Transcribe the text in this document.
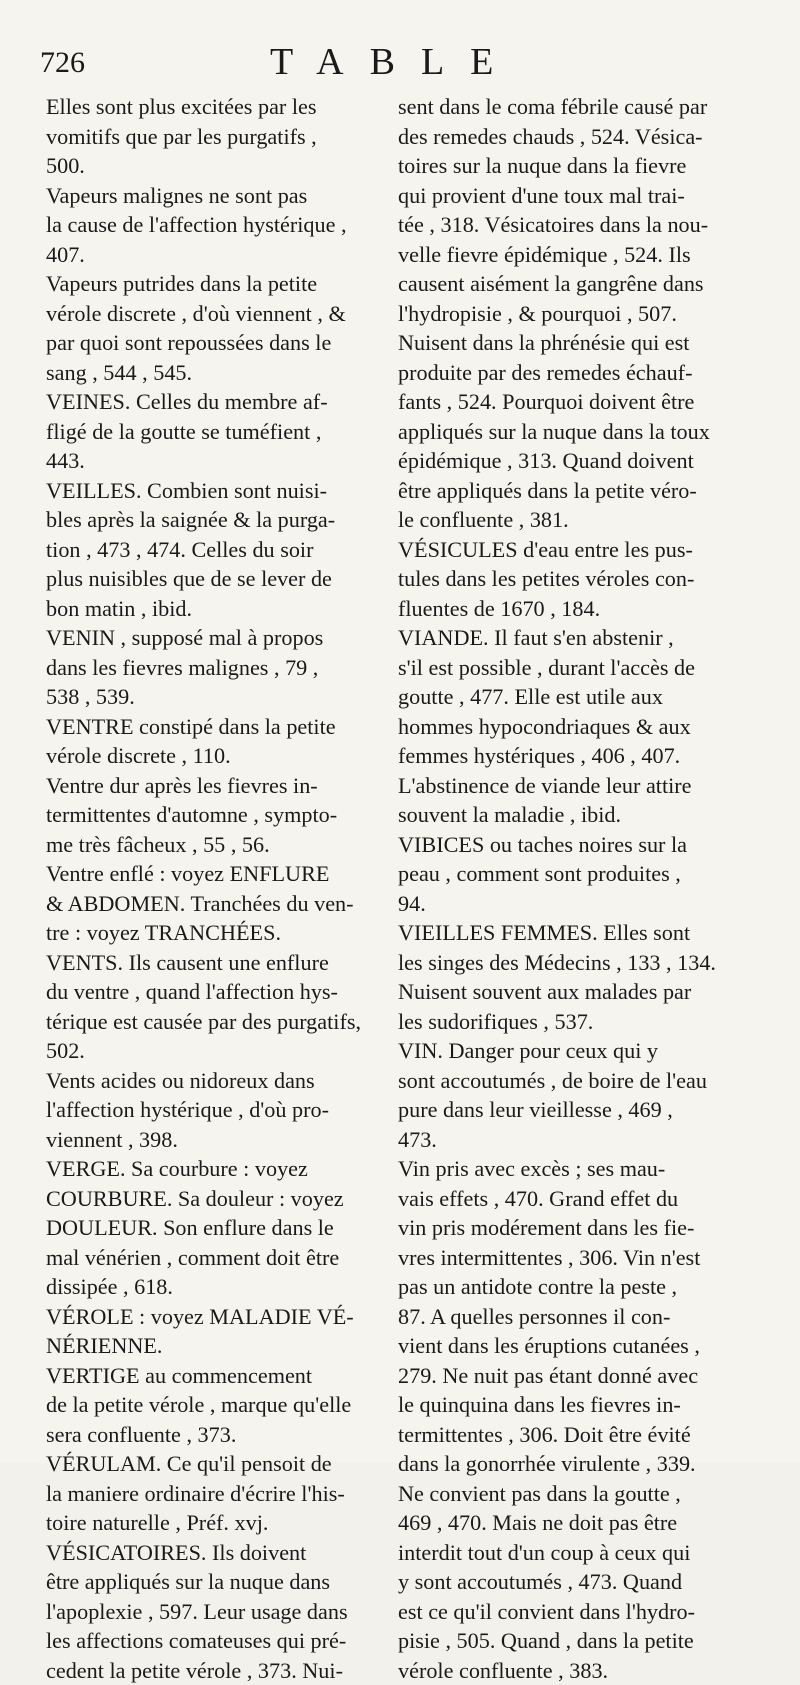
726	TABLE
Elles sont plus excitées par les
vomitifs que par les purgatifs ,
500.
Vapeurs malignes ne sont pas
la cause de l'affection hystérique ,
407.
Vapeurs putrides dans la petite
vérole discrete , d'où viennent , &
par quoi sont repoussées dans le
sang , 544 , 545.
VEINES. Celles du membre af-
fligé de la goutte se tuméfient ,
443.
VEILLES. Combien sont nuisi-
bles après la saignée & la purga-
tion , 473 , 474. Celles du soir
plus nuisibles que de se lever de
bon matin , ibid.
VENIN , supposé mal à propos
dans les fievres malignes , 79 ,
538 , 539.
VENTRE constipé dans la petite
vérole discrete , 110.
Ventre dur après les fievres in-
termittentes d'automne , sympto-
me très fâcheux , 55 , 56.
Ventre enflé : voyez ENFLURE
& ABDOMEN. Tranchées du ven-
tre : voyez TRANCHÉES.
VENTS. Ils causent une enflure
du ventre , quand l'affection hys-
térique est causée par des purgatifs,
502.
Vents acides ou nidoreux dans
l'affection hystérique , d'où pro-
viennent , 398.
VERGE. Sa courbure : voyez
COURBURE. Sa douleur : voyez
DOULEUR. Son enflure dans le
mal vénérien , comment doit être
dissipée , 618.
VÉROLE : voyez MALADIE VÉ-
NÉRIENNE.
VERTIGE au commencement
de la petite vérole , marque qu'elle
sera confluente , 373.
VÉRULAM. Ce qu'il pensoit de
la maniere ordinaire d'écrire l'his-
toire naturelle , Préf. xvj.
VÉSICATOIRES. Ils doivent
être appliqués sur la nuque dans
l'apoplexie , 597. Leur usage dans
les affections comateuses qui pré-
cedent la petite vérole , 373. Nui-
sent dans le coma fébrile causé par
des remedes chauds , 524. Vésica-
toires sur la nuque dans la fievre
qui provient d'une toux mal trai-
tée , 318. Vésicatoires dans la nou-
velle fievre épidémique , 524. Ils
causent aisément la gangrêne dans
l'hydropisie , & pourquoi , 507.
Nuisent dans la phrénésie qui est
produite par des remedes échauf-
fants , 524. Pourquoi doivent être
appliqués sur la nuque dans la toux
épidémique , 313. Quand doivent
être appliqués dans la petite véro-
le confluente , 381.
VÉSICULES d'eau entre les pus-
tules dans les petites véroles con-
fluentes de 1670 , 184.
VIANDE. Il faut s'en abstenir ,
s'il est possible , durant l'accès de
goutte , 477. Elle est utile aux
hommes hypocondriaques & aux
femmes hystériques , 406 , 407.
L'abstinence de viande leur attire
souvent la maladie , ibid.
VIBICES ou taches noires sur la
peau , comment sont produites ,
94.
VIEILLES FEMMES. Elles sont
les singes des Médecins , 133 , 134.
Nuisent souvent aux malades par
les sudorifiques , 537.
VIN. Danger pour ceux qui y
sont accoutumés , de boire de l'eau
pure dans leur vieillesse , 469 ,
473.
Vin pris avec excès ; ses mau-
vais effets , 470. Grand effet du
vin pris modérement dans les fie-
vres intermittentes , 306. Vin n'est
pas un antidote contre la peste ,
87. A quelles personnes il con-
vient dans les éruptions cutanées ,
279. Ne nuit pas étant donné avec
le quinquina dans les fievres in-
termittentes , 306. Doit être évité
dans la gonorrhée virulente , 339.
Ne convient pas dans la goutte ,
469 , 470. Mais ne doit pas être
interdit tout d'un coup à ceux qui
y sont accoutumés , 473. Quand
est ce qu'il convient dans l'hydro-
pisie , 505. Quand , dans la petite
vérole confluente , 383.
